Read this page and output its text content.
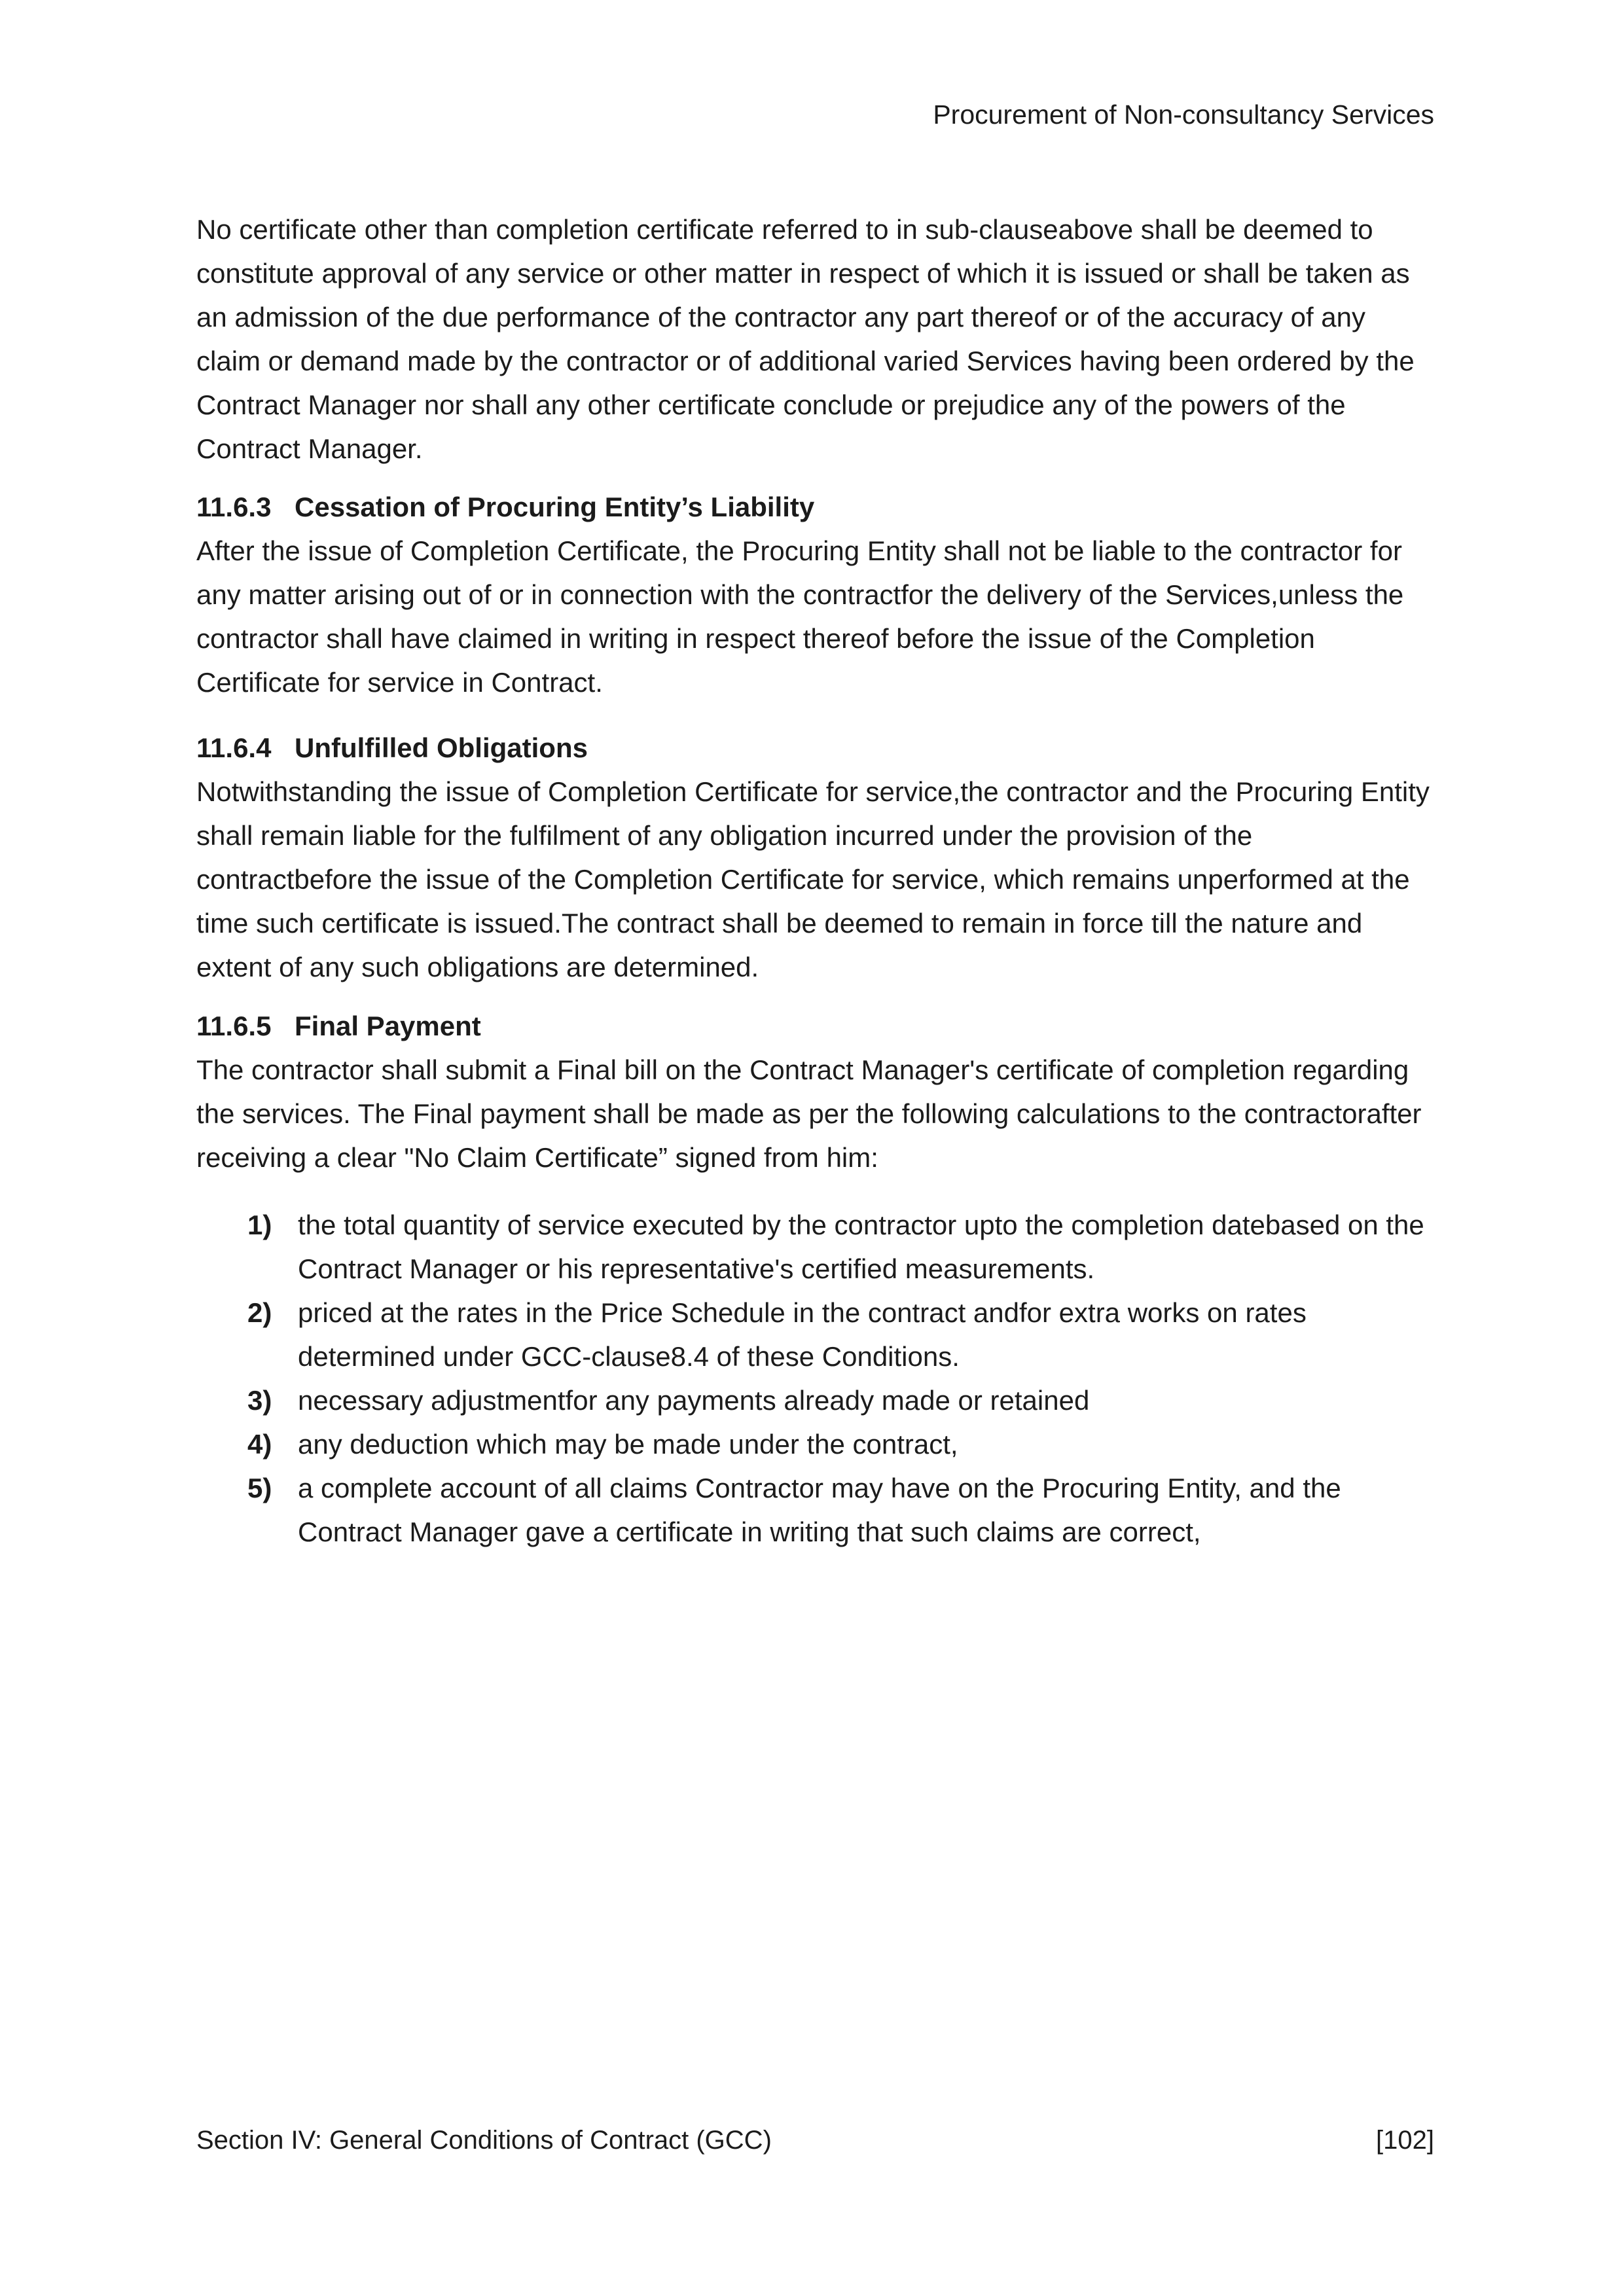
Procurement of Non-consultancy Services

No certificate other than completion certificate referred to in sub-clauseabove shall be deemed to constitute approval of any service or other matter in respect of which it is issued or shall be taken as an admission of the due performance of the contractor any part thereof or of the accuracy of any claim or demand made by the contractor or of additional varied Services having been ordered by the Contract Manager nor shall any other certificate conclude or prejudice any of the powers of the Contract Manager.

11.6.3 Cessation of Procuring Entity’s Liability

After the issue of Completion Certificate, the Procuring Entity shall not be liable to the contractor for any matter arising out of or in connection with the contractfor the delivery of the Services,unless the contractor shall have claimed in writing in respect thereof before the issue of the Completion Certificate for service in Contract.

11.6.4 Unfulfilled Obligations

Notwithstanding the issue of Completion Certificate for service,the contractor and the Procuring Entity shall remain liable for the fulfilment of any obligation incurred under the provision of the contractbefore the issue of the Completion Certificate for service, which remains unperformed at the time such certificate is issued.The contract shall be deemed to remain in force till the nature and extent of any such obligations are determined.

11.6.5 Final Payment

The contractor shall submit a Final bill on the Contract Manager's certificate of completion regarding the services. The Final payment shall be made as per the following calculations to the contractorafter receiving a clear "No Claim Certificate” signed from him:

1) the total quantity of service executed by the contractor upto the completion datebased on the Contract Manager or his representative's certified measurements.
2) priced at the rates in the Price Schedule in the contract andfor extra works on rates determined under GCC-clause8.4 of these Conditions.
3) necessary adjustmentfor any payments already made or retained
4) any deduction which may be made under the contract,
5) a complete account of all claims Contractor may have on the Procuring Entity, and the Contract Manager gave a certificate in writing that such claims are correct,
Section IV: General Conditions of Contract (GCC)	[102]
